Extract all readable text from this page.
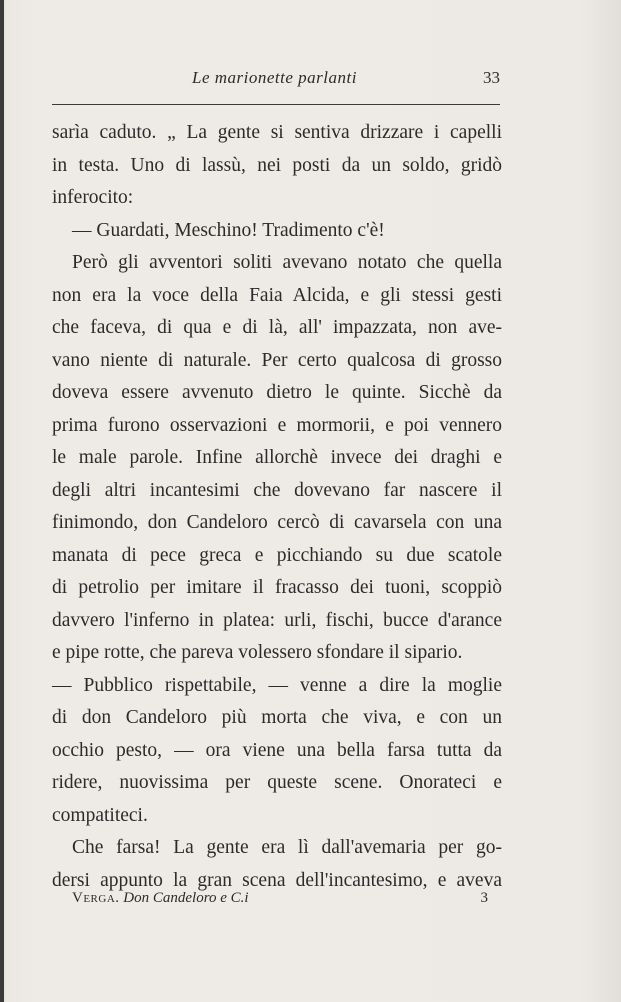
Le marionette parlanti	33
sarìa caduto. „ La gente si sentiva drizzare i capelli
in testa. Uno di lassù, nei posti da un soldo, gridò
inferocito:
— Guardati, Meschino! Tradimento c'è!
Però gli avventori soliti avevano notato che quella
non era la voce della Faia Alcida, e gli stessi gesti
che faceva, di qua e di là, all' impazzata, non ave-
vano niente di naturale. Per certo qualcosa di grosso
doveva essere avvenuto dietro le quinte. Sicchè da
prima furono osservazioni e mormorii, e poi vennero
le male parole. Infine allorchè invece dei draghi e
degli altri incantesimi che dovevano far nascere il
finimondo, don Candeloro cercò di cavarsela con una
manata di pece greca e picchiando su due scatole
di petrolio per imitare il fracasso dei tuoni, scoppiò
davvero l'inferno in platea: urli, fischi, bucce d'arance
e pipe rotte, che pareva volessero sfondare il sipario.
— Pubblico rispettabile, — venne a dire la moglie
di don Candeloro più morta che viva, e con un
occhio pesto, — ora viene una bella farsa tutta da
ridere, nuovissima per queste scene. Onorateci e
compatiteci.
Che farsa! La gente era lì dall'avemaria per go-
dersi appunto la gran scena dell'incantesimo, e aveva
Verga. Don Candeloro e C.i	3
